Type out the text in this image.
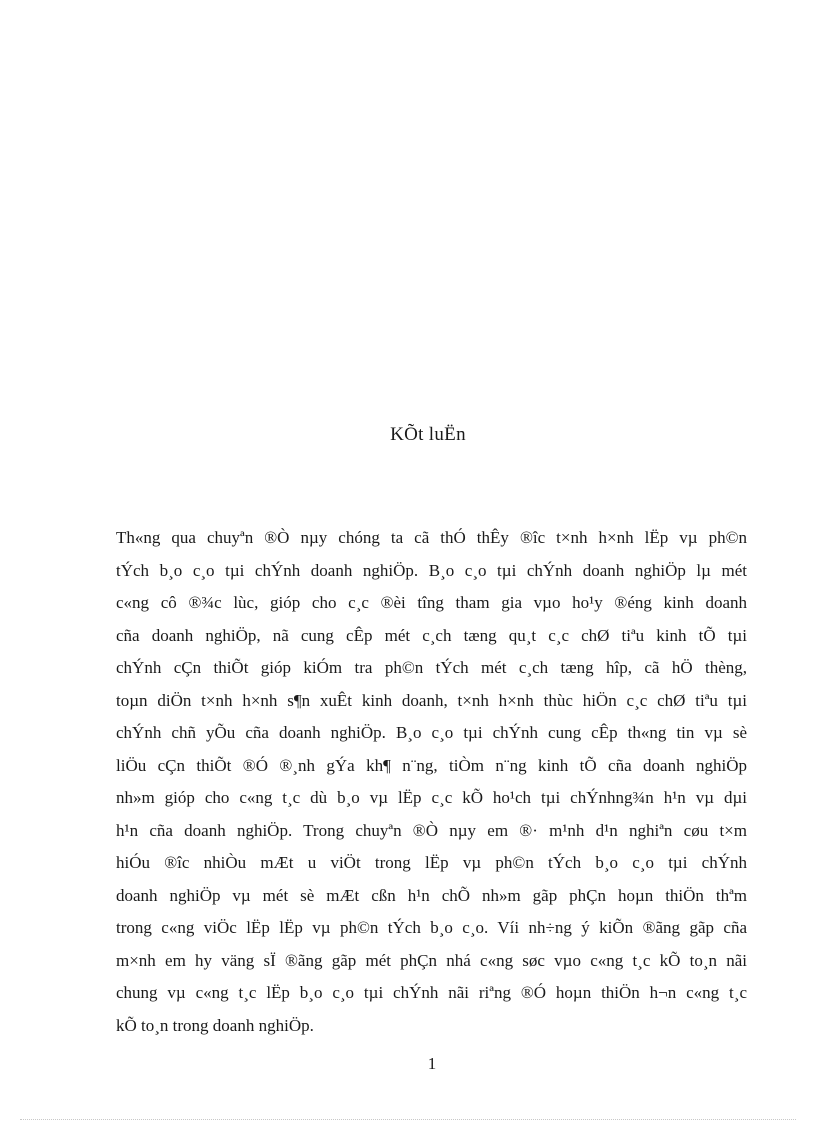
KÕt luËn
Th«ng qua chuyªn ®Ò nµy chóng ta cã thÓ thÊy ®îc t×nh h×nh lËp vµ ph©n
tÝch b¸o c¸o tµi chÝnh doanh nghiÖp. B¸o c¸o tµi chÝnh doanh nghiÖp lµ mét
c«ng cô ®¾c lùc, gióp cho c¸c ®èi tîng tham gia vµo ho¹y ®éng kinh doanh
cña doanh nghiÖp, nã cung cÊp mét c¸ch tæng qu¸t c¸c chØ tiªu kinh tÕ tµi
chÝnh cÇn thiÕt gióp kiÓm tra ph©n tÝch mét c¸ch tæng hîp, cã hÖ thèng,
toµn diÖn t×nh h×nh s¶n xuÊt kinh doanh, t×nh h×nh thùc hiÖn c¸c chØ tiªu tµi
chÝnh chñ yÕu cña doanh nghiÖp. B¸o c¸o tµi chÝnh cung cÊp th«ng tin vµ sè
liÖu cÇn thiÕt ®Ó ®¸nh gÝa kh¶ n¨ng, tiÒm n¨ng kinh tÕ cña doanh nghiÖp
nh»m gióp cho c«ng t¸c dù b¸o vµ lËp c¸c kÕ ho¹ch tµi chÝnhng¾n h¹n vµ dµi
h¹n cña doanh nghiÖp. Trong chuyªn ®Ò nµy em ®· m¹nh d¹n nghiªn cøu t×m
hiÓu ®îc nhiÒu mÆt u viÖt trong lËp vµ ph©n tÝch b¸o c¸o tµi chÝnh
doanh nghiÖp vµ mét sè mÆt cßn h¹n chÕ nh»m gãp phÇn hoµn thiÖn thªm
trong c«ng viÖc lËp lËp vµ ph©n tÝch b¸o c¸o. Víi nh÷ng ý kiÕn ®ãng gãp cña
m×nh em hy väng sÏ ®ãng gãp mét phÇn nhá c«ng søc vµo c«ng t¸c kÕ to¸n nãi
chung vµ c«ng t¸c lËp b¸o c¸o tµi chÝnh nãi riªng ®Ó hoµn thiÖn h¬n c«ng t¸c
kÕ to¸n trong doanh nghiÖp.
1
